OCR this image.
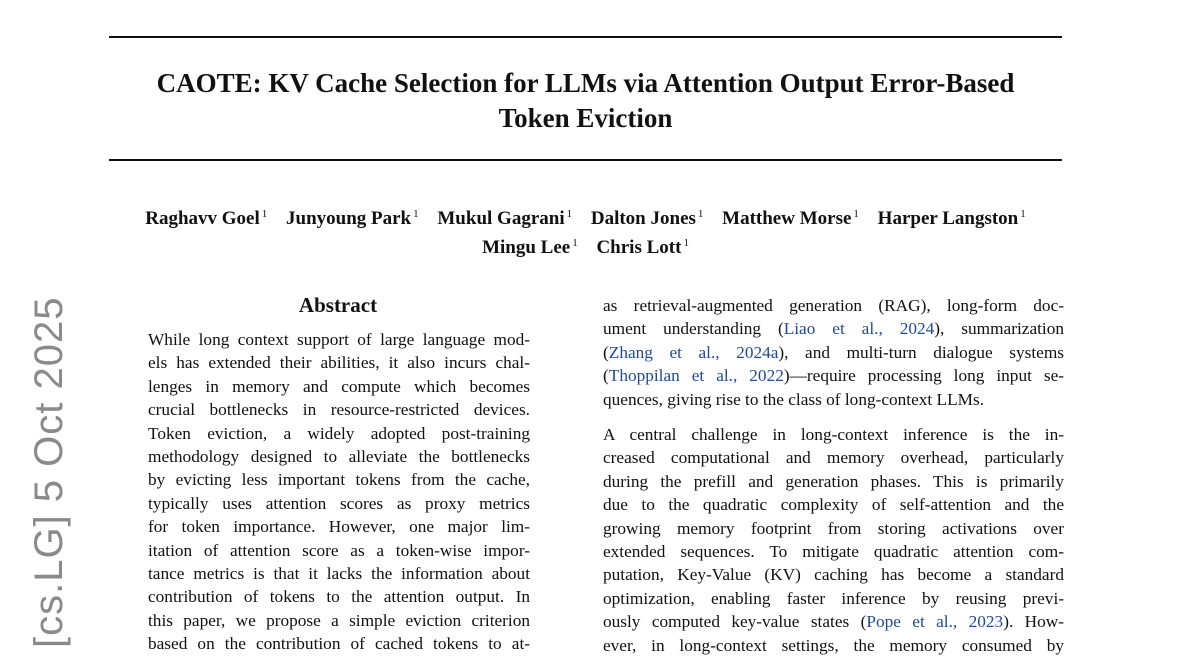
CAOTE: KV Cache Selection for LLMs via Attention Output Error-Based
Token Eviction
Raghavv Goel $^1$ Junyoung Park $^1$ Mukul Gagrani $^1$ Dalton Jones $^1$ Matthew Morse $^1$ Harper Langston $^1$
Mingu Lee $^1$ Chris Lott $^1$
[cs.LG] 5 Oct 2025	Abstract
While long context support of large language mod-
els has extended their abilities, it also incurs chal-
lenges in memory and compute which becomes
crucial bottlenecks in resource-restricted devices.
Token eviction, a widely adopted post-training
methodology designed to alleviate the bottlenecks
by evicting less important tokens from the cache,
typically uses attention scores as proxy metrics
for token importance. However, one major lim-
itation of attention score as a token-wise impor-
tance metrics is that it lacks the information about
contribution of tokens to the attention output. In
this paper, we propose a simple eviction criterion
based on the contribution of cached tokens to at-
as retrieval-augmented generation (RAG), long-form doc-
ument understanding (Liao et al., 2024), summarization
(Zhang et al., 2024a), and multi-turn dialogue systems
(Thoppilan et al., 2022)—require processing long input se-
quences, giving rise to the class of long-context LLMs.
A central challenge in long-context inference is the in-
creased computational and memory overhead, particularly
during the prefill and generation phases. This is primarily
due to the quadratic complexity of self-attention and the
growing memory footprint from storing activations over
extended sequences. To mitigate quadratic attention com-
putation, Key-Value (KV) caching has become a standard
optimization, enabling faster inference by reusing previ-
ously computed key-value states (Pope et al., 2023). How-
ever, in long-context settings, the memory consumed by
